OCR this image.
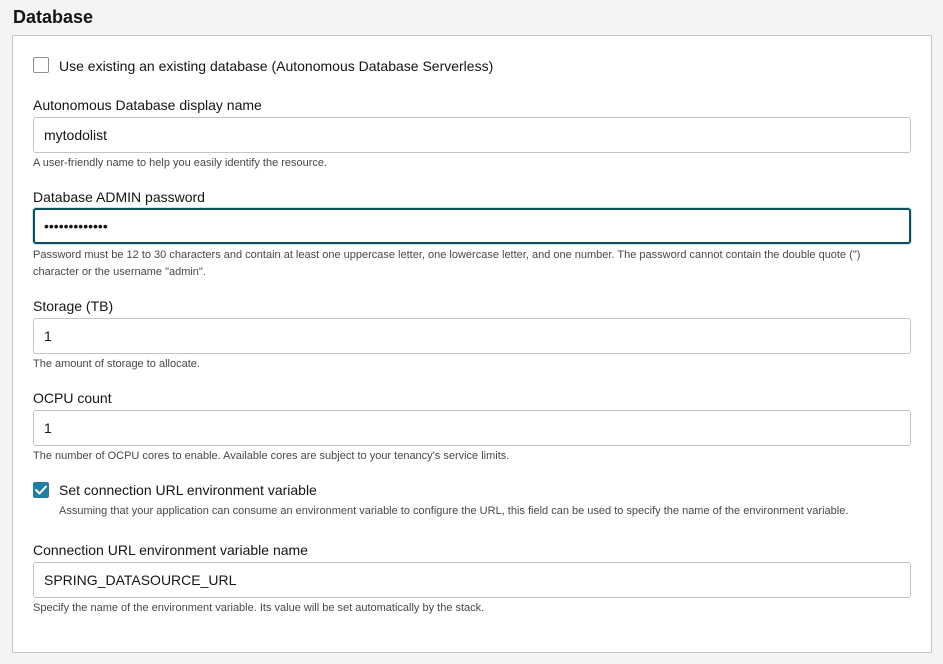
Database
Use existing an existing database (Autonomous Database Serverless)
Autonomous Database display name
mytodolist
A user-friendly name to help you easily identify the resource.
Database ADMIN password
•••••••••••••
Password must be 12 to 30 characters and contain at least one uppercase letter, one lowercase letter, and one number. The password cannot contain the double quote (")
character or the username "admin".
Storage (TB)
1
The amount of storage to allocate.
OCPU count
1
The number of OCPU cores to enable. Available cores are subject to your tenancy's service limits.
Set connection URL environment variable
Assuming that your application can consume an environment variable to configure the URL, this field can be used to specify the name of the environment variable.
Connection URL environment variable name
SPRING_DATASOURCE_URL
Specify the name of the environment variable. Its value will be set automatically by the stack.
